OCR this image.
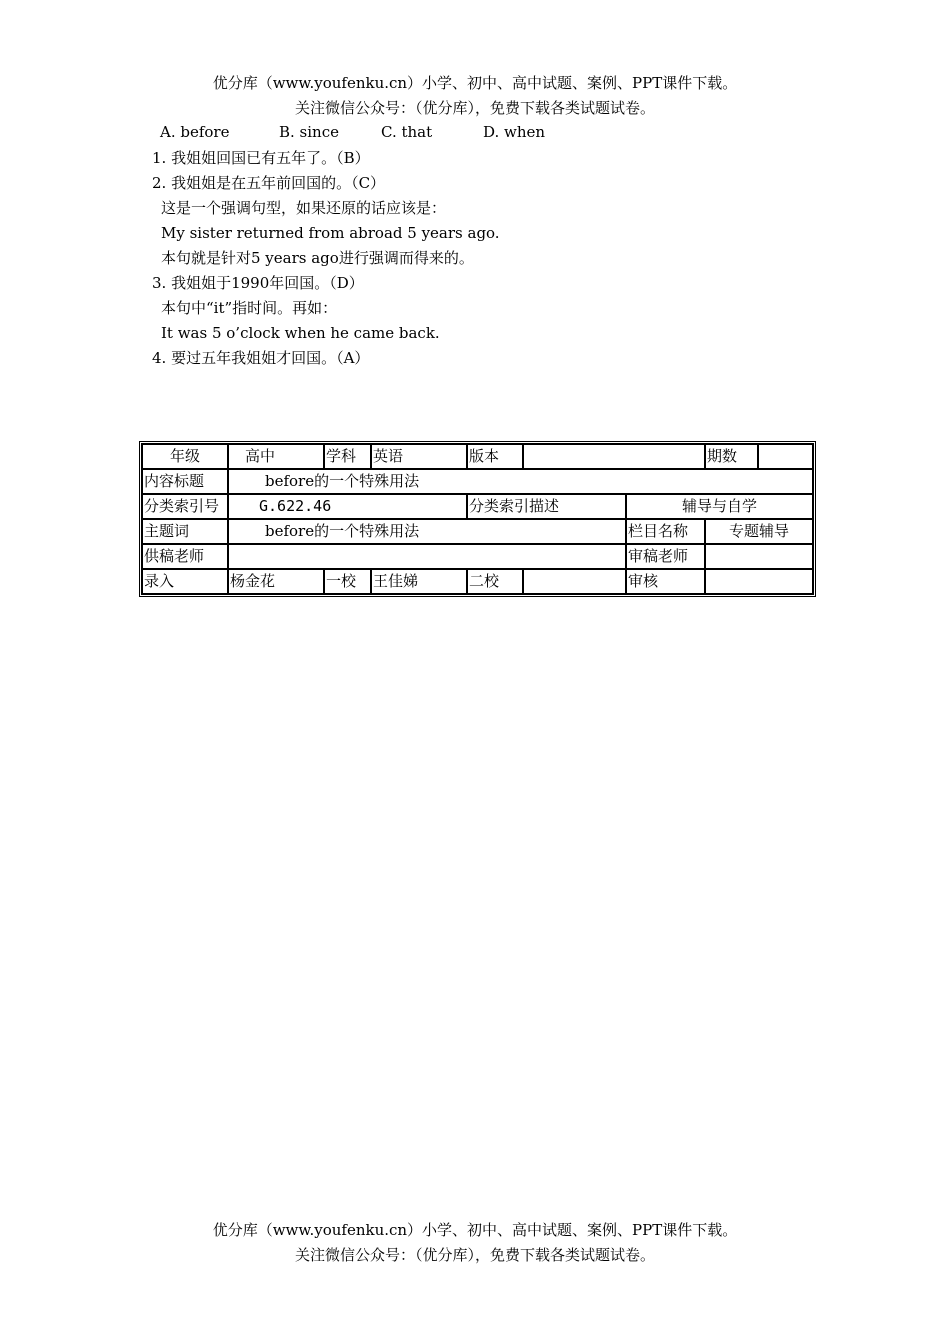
优分库（www.youfenku.cn）小学、初中、高中试题、案例、PPT课件下载。
关注微信公众号：（优分库），免费下载各类试题试卷。
A. before	B. since	C. that	D. when
1. 我姐姐回国已有五年了。（B）
2. 我姐姐是在五年前回国的。（C）
这是一个强调句型，如果还原的话应该是：
My sister returned from abroad 5 years ago.
本句就是针对5 years ago进行强调而得来的。
3. 我姐姐于1990年回国。（D）
本句中“it”指时间。再如：
It was 5 o’clock when he came back.
4. 要过五年我姐姐才回国。（A）
年级	高中	学科	英语	版本			期数	
内容标题	before的一个特殊用法							
分类索引号	G.622.46			分类索引描述		辅导与自学		
主题词	before的一个特殊用法					栏目名称	专题辅导	
供稿老师						审稿老师		
录入	杨金花	一校	王佳娣	二校		审核		
优分库（www.youfenku.cn）小学、初中、高中试题、案例、PPT课件下载。
关注微信公众号：（优分库），免费下载各类试题试卷。
